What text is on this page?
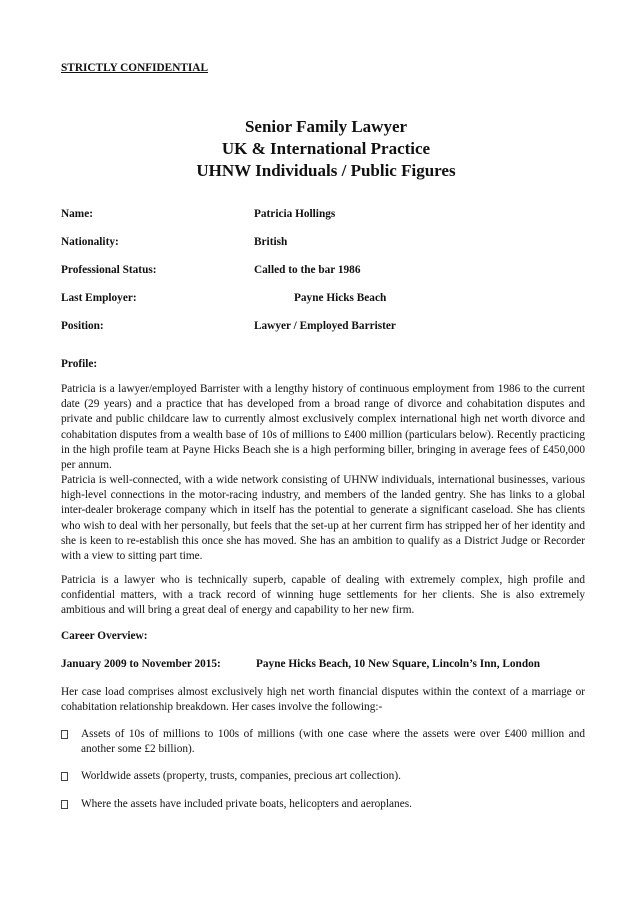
STRICTLY CONFIDENTIAL
Senior Family Lawyer
UK & International Practice
UHNW Individuals / Public Figures
Name:	Patricia Hollings
Nationality:	British
Professional Status:	Called to the bar 1986
Last Employer:	Payne Hicks Beach
Position:	Lawyer / Employed Barrister
Profile:
Patricia is a lawyer/employed Barrister with a lengthy history of continuous employment from 1986 to the current date (29 years) and a practice that has developed from a broad range of divorce and cohabitation disputes and private and public childcare law to currently almost exclusively complex international high net worth divorce and cohabitation disputes from a wealth base of 10s of millions to £400 million (particulars below). Recently practicing in the high profile team at Payne Hicks Beach she is a high performing biller, bringing in average fees of £450,000 per annum.
Patricia is well-connected, with a wide network consisting of UHNW individuals, international businesses, various high-level connections in the motor-racing industry, and members of the landed gentry. She has links to a global inter-dealer brokerage company which in itself has the potential to generate a significant caseload. She has clients who wish to deal with her personally, but feels that the set-up at her current firm has stripped her of her identity and she is keen to re-establish this once she has moved. She has an ambition to qualify as a District Judge or Recorder with a view to sitting part time.
Patricia is a lawyer who is technically superb, capable of dealing with extremely complex, high profile and confidential matters, with a track record of winning huge settlements for her clients. She is also extremely ambitious and will bring a great deal of energy and capability to her new firm.
Career Overview:
January 2009 to November 2015:	Payne Hicks Beach, 10 New Square, Lincoln’s Inn, London
Her case load comprises almost exclusively high net worth financial disputes within the context of a marriage or cohabitation relationship breakdown. Her cases involve the following:-
Assets of 10s of millions to 100s of millions (with one case where the assets were over £400 million and another some £2 billion).
Worldwide assets (property, trusts, companies, precious art collection).
Where the assets have included private boats, helicopters and aeroplanes.
